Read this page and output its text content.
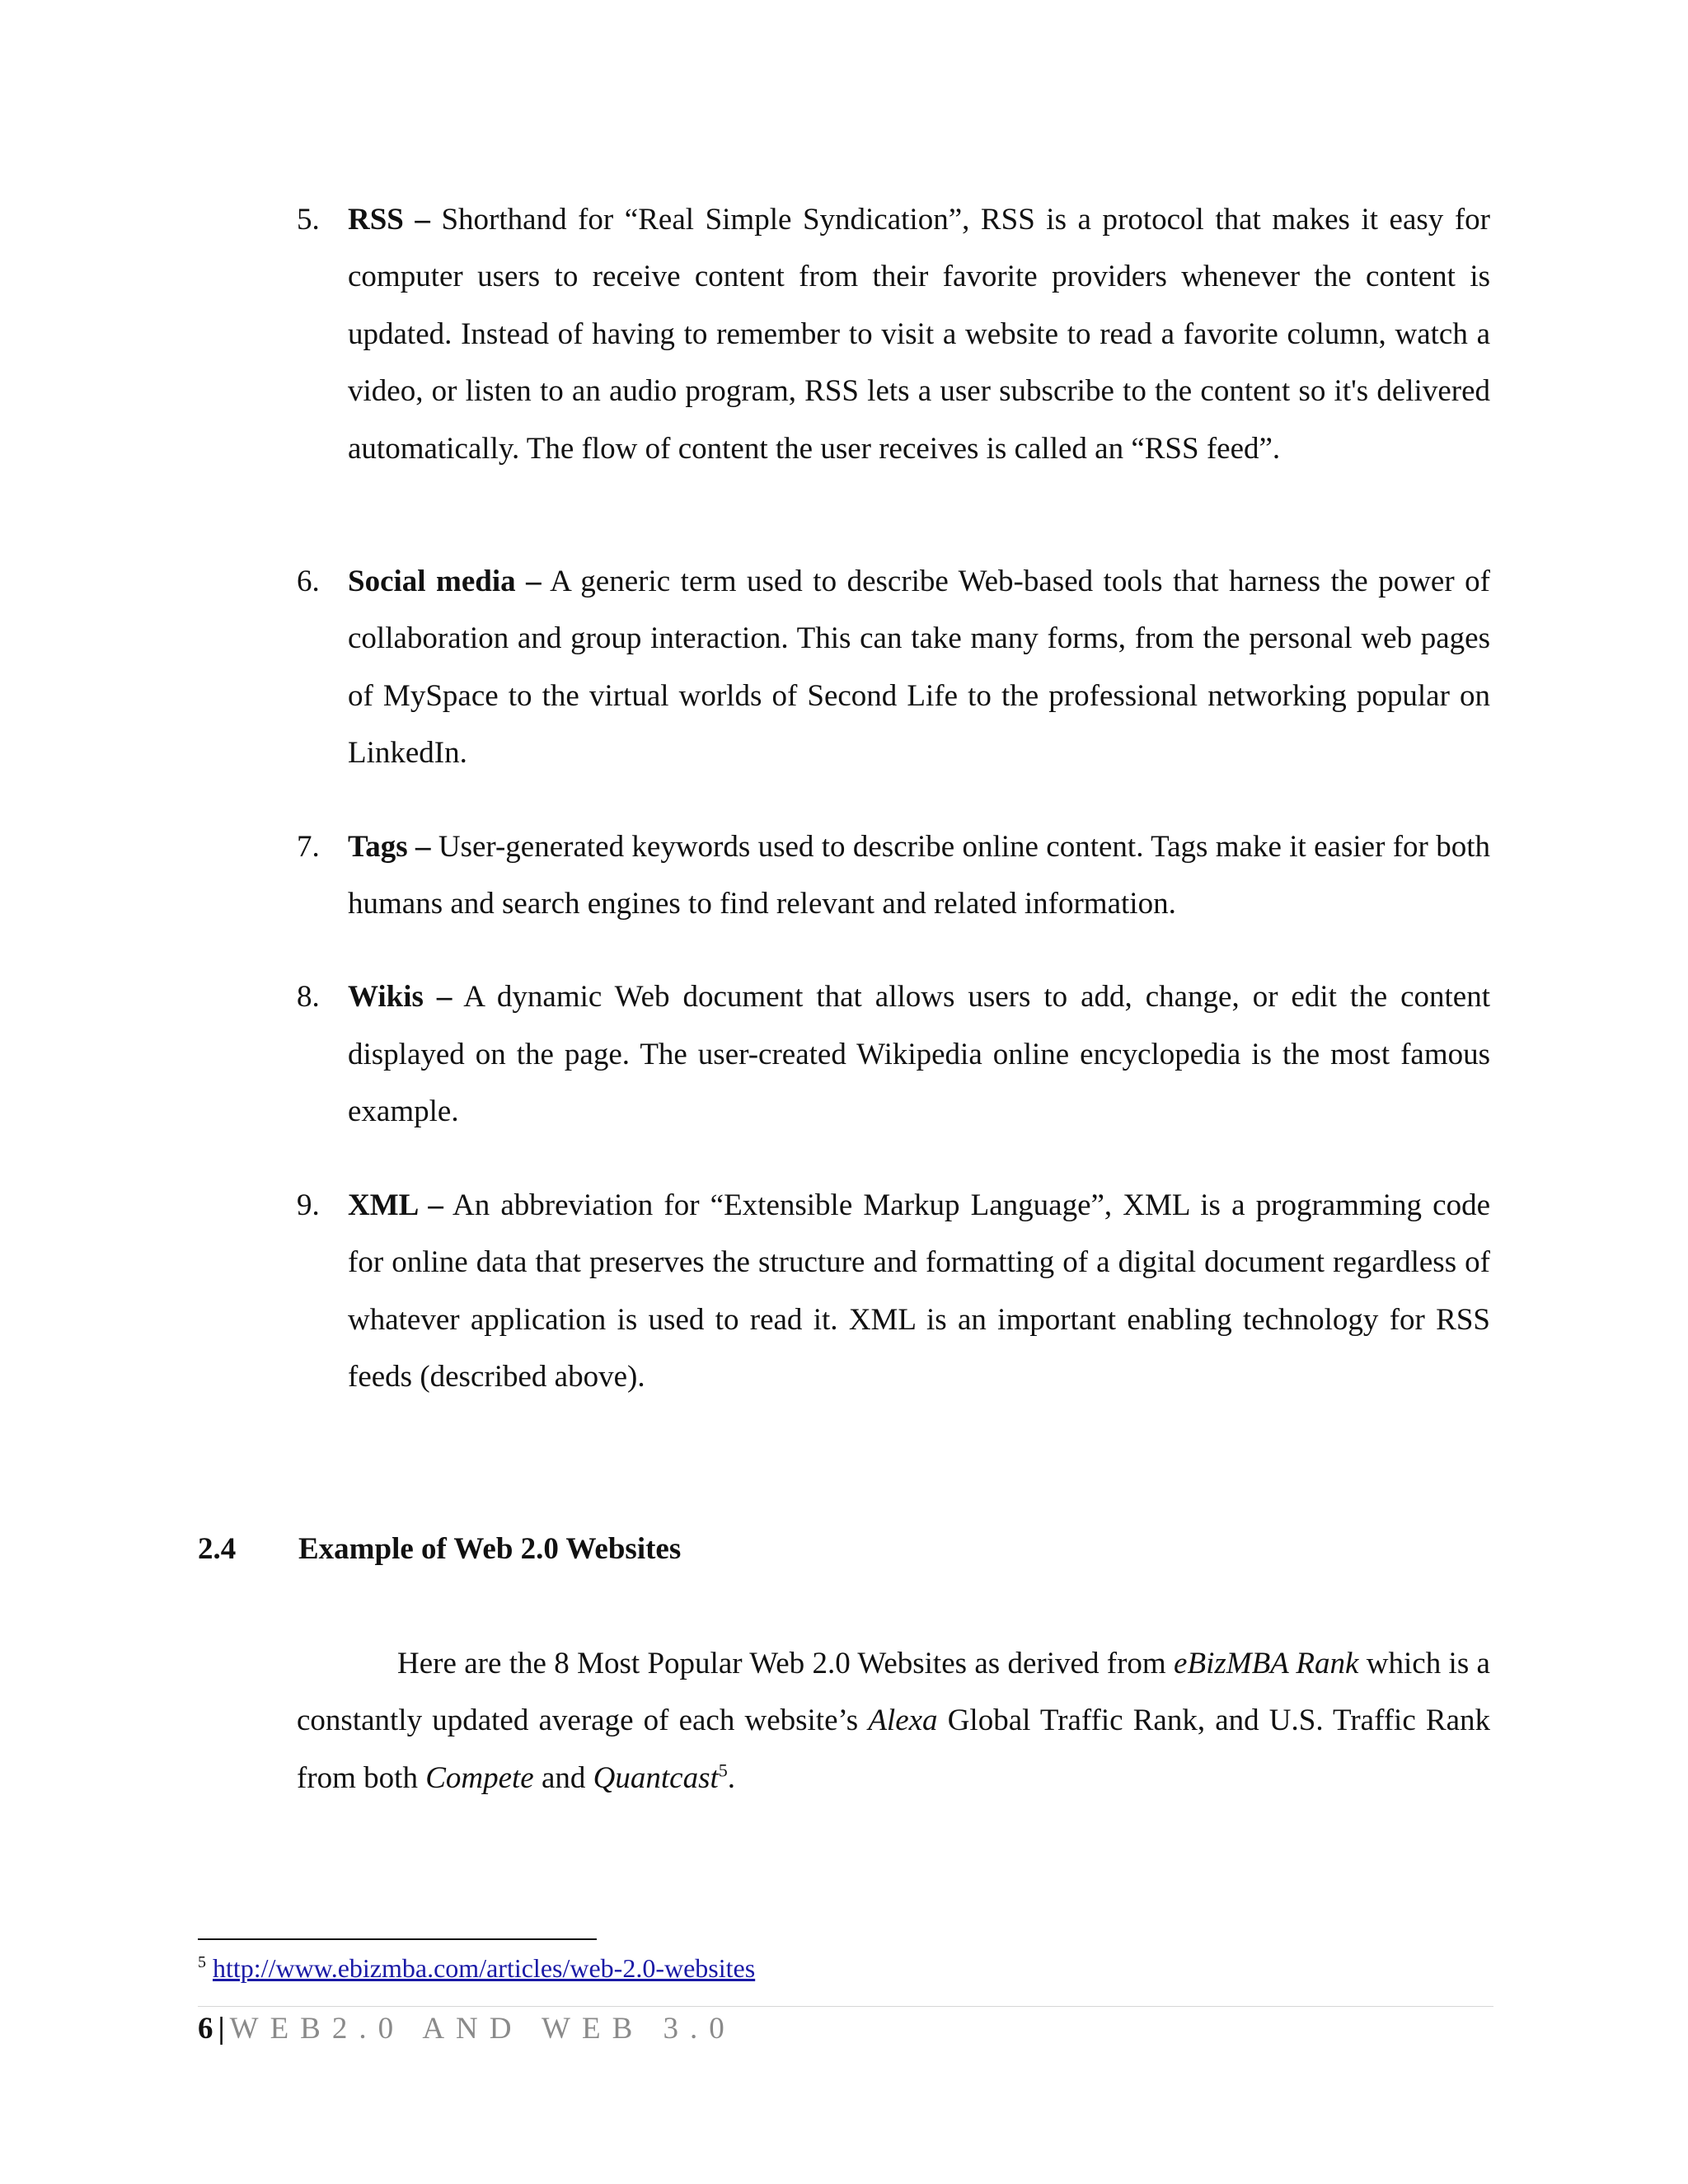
5. RSS – Shorthand for “Real Simple Syndication”, RSS is a protocol that makes it easy for computer users to receive content from their favorite providers whenever the content is updated. Instead of having to remember to visit a website to read a favorite column, watch a video, or listen to an audio program, RSS lets a user subscribe to the content so it's delivered automatically. The flow of content the user receives is called an “RSS feed”.
6. Social media – A generic term used to describe Web-based tools that harness the power of collaboration and group interaction. This can take many forms, from the personal web pages of MySpace to the virtual worlds of Second Life to the professional networking popular on LinkedIn.
7. Tags – User-generated keywords used to describe online content. Tags make it easier for both humans and search engines to find relevant and related information.
8. Wikis – A dynamic Web document that allows users to add, change, or edit the content displayed on the page. The user-created Wikipedia online encyclopedia is the most famous example.
9. XML – An abbreviation for “Extensible Markup Language”, XML is a programming code for online data that preserves the structure and formatting of a digital document regardless of whatever application is used to read it. XML is an important enabling technology for RSS feeds (described above).
2.4 Example of Web 2.0 Websites

Here are the 8 Most Popular Web 2.0 Websites as derived from eBizMBA Rank which is a constantly updated average of each website’s Alexa Global Traffic Rank, and U.S. Traffic Rank from both Compete and Quantcast$^5$.

$^5$ http://www.ebizmba.com/articles/web-2.0-websites
6 | WEB2.0 AND WEB 3.0
